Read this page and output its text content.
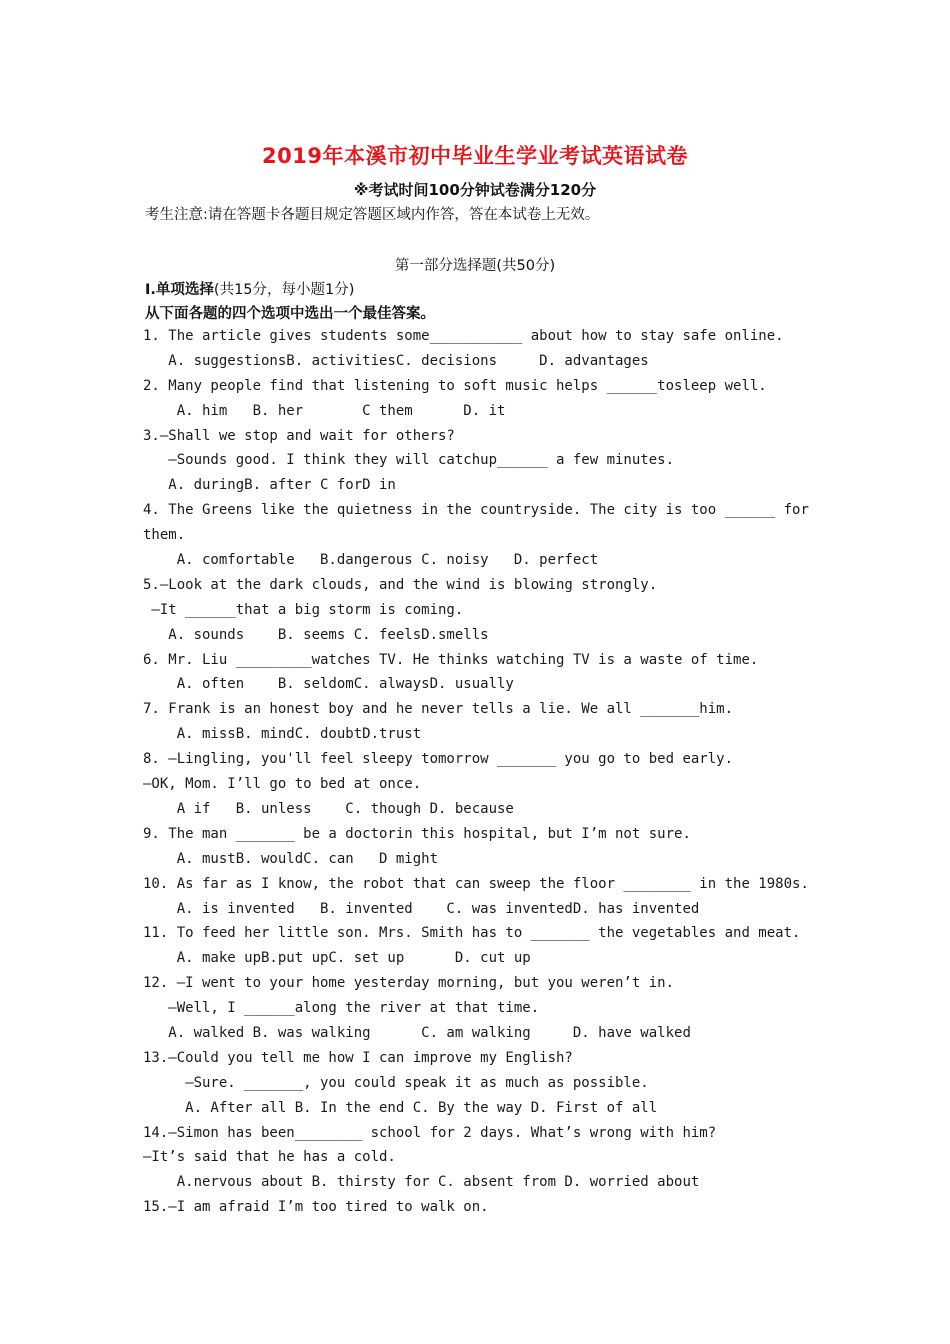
2019年本溪市初中毕业生学业考试英语试卷
※考试时间100分钟试卷满分120分
考生注意:请在答题卡各题目规定答题区域内作答，答在本试卷上无效。
第一部分选择题(共50分)
Ⅰ.单项选择(共15分，每小题1分)
从下面各题的四个选项中选出一个最佳答案。
1. The article gives students some___________ about how to stay safe online.
A. suggestionsB. activitiesC. decisions     D. advantages
2. Many people find that listening to soft music helps ______tosleep well.
A. him   B. her       C them      D. it
3.—Shall we stop and wait for others?
—Sounds good. I think they will catchup______ a few minutes.
A. duringB. after C forD in
4. The Greens like the quietness in the countryside. The city is too ______ for
them.
A. comfortable   B.dangerous C. noisy   D. perfect
5.—Look at the dark clouds, and the wind is blowing strongly.
—It ______that a big storm is coming.
A. sounds    B. seems C. feelsD.smells
6. Mr. Liu _________watches TV. He thinks watching TV is a waste of time.
A. often    B. seldomC. alwaysD. usually
7. Frank is an honest boy and he never tells a lie. We all _______him.
A. missB. mindC. doubtD.trust
8. —Lingling, you'll feel sleepy tomorrow _______ you go to bed early.
—OK, Mom. I’ll go to bed at once.
A if   B. unless    C. though D. because
9. The man _______ be a doctorin this hospital, but I’m not sure.
A. mustB. wouldC. can   D might
10. As far as I know, the robot that can sweep the floor ________ in the 1980s.
A. is invented   B. invented    C. was inventedD. has invented
11. To feed her little son. Mrs. Smith has to _______ the vegetables and meat.
A. make upB.put upC. set up      D. cut up
12. —I went to your home yesterday morning, but you weren’t in.
—Well, I ______along the river at that time.
A. walked B. was walking      C. am walking     D. have walked
13.—Could you tell me how I can improve my English?
—Sure. _______, you could speak it as much as possible.
A. After all B. In the end C. By the way D. First of all
14.—Simon has been________ school for 2 days. What’s wrong with him?
—It’s said that he has a cold.
A.nervous about B. thirsty for C. absent from D. worried about
15.—I am afraid I’m too tired to walk on.
